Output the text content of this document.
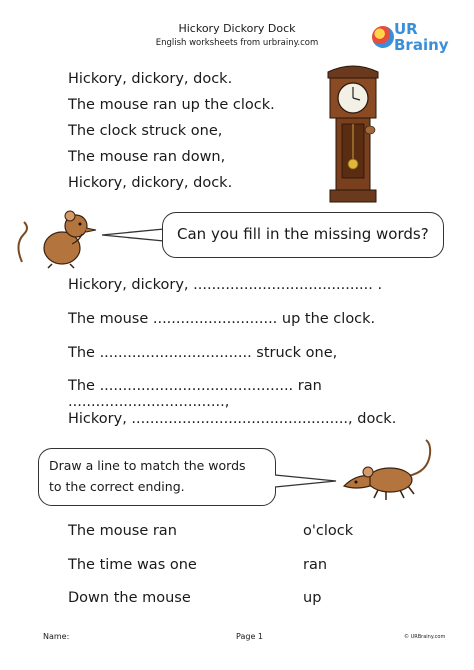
Hickory Dickory Dock
English worksheets from urbrainy.com
UR
Brainy
Hickory, dickory, dock.
The mouse ran up the clock.
The clock struck one,
The mouse ran down,
Hickory, dickory, dock.
Can you fill in the missing words?
Hickory, dickory, ....................................... .
The mouse ........................... up the clock.
The ................................. struck one,
The .......................................... ran ..................................,
Hickory, ..............................................., dock.
Draw a line to match the words
to the correct ending.
The mouse ran	o'clock
The time was one	ran
Down the mouse	up
Name:	Page 1	© URBrainy.com
